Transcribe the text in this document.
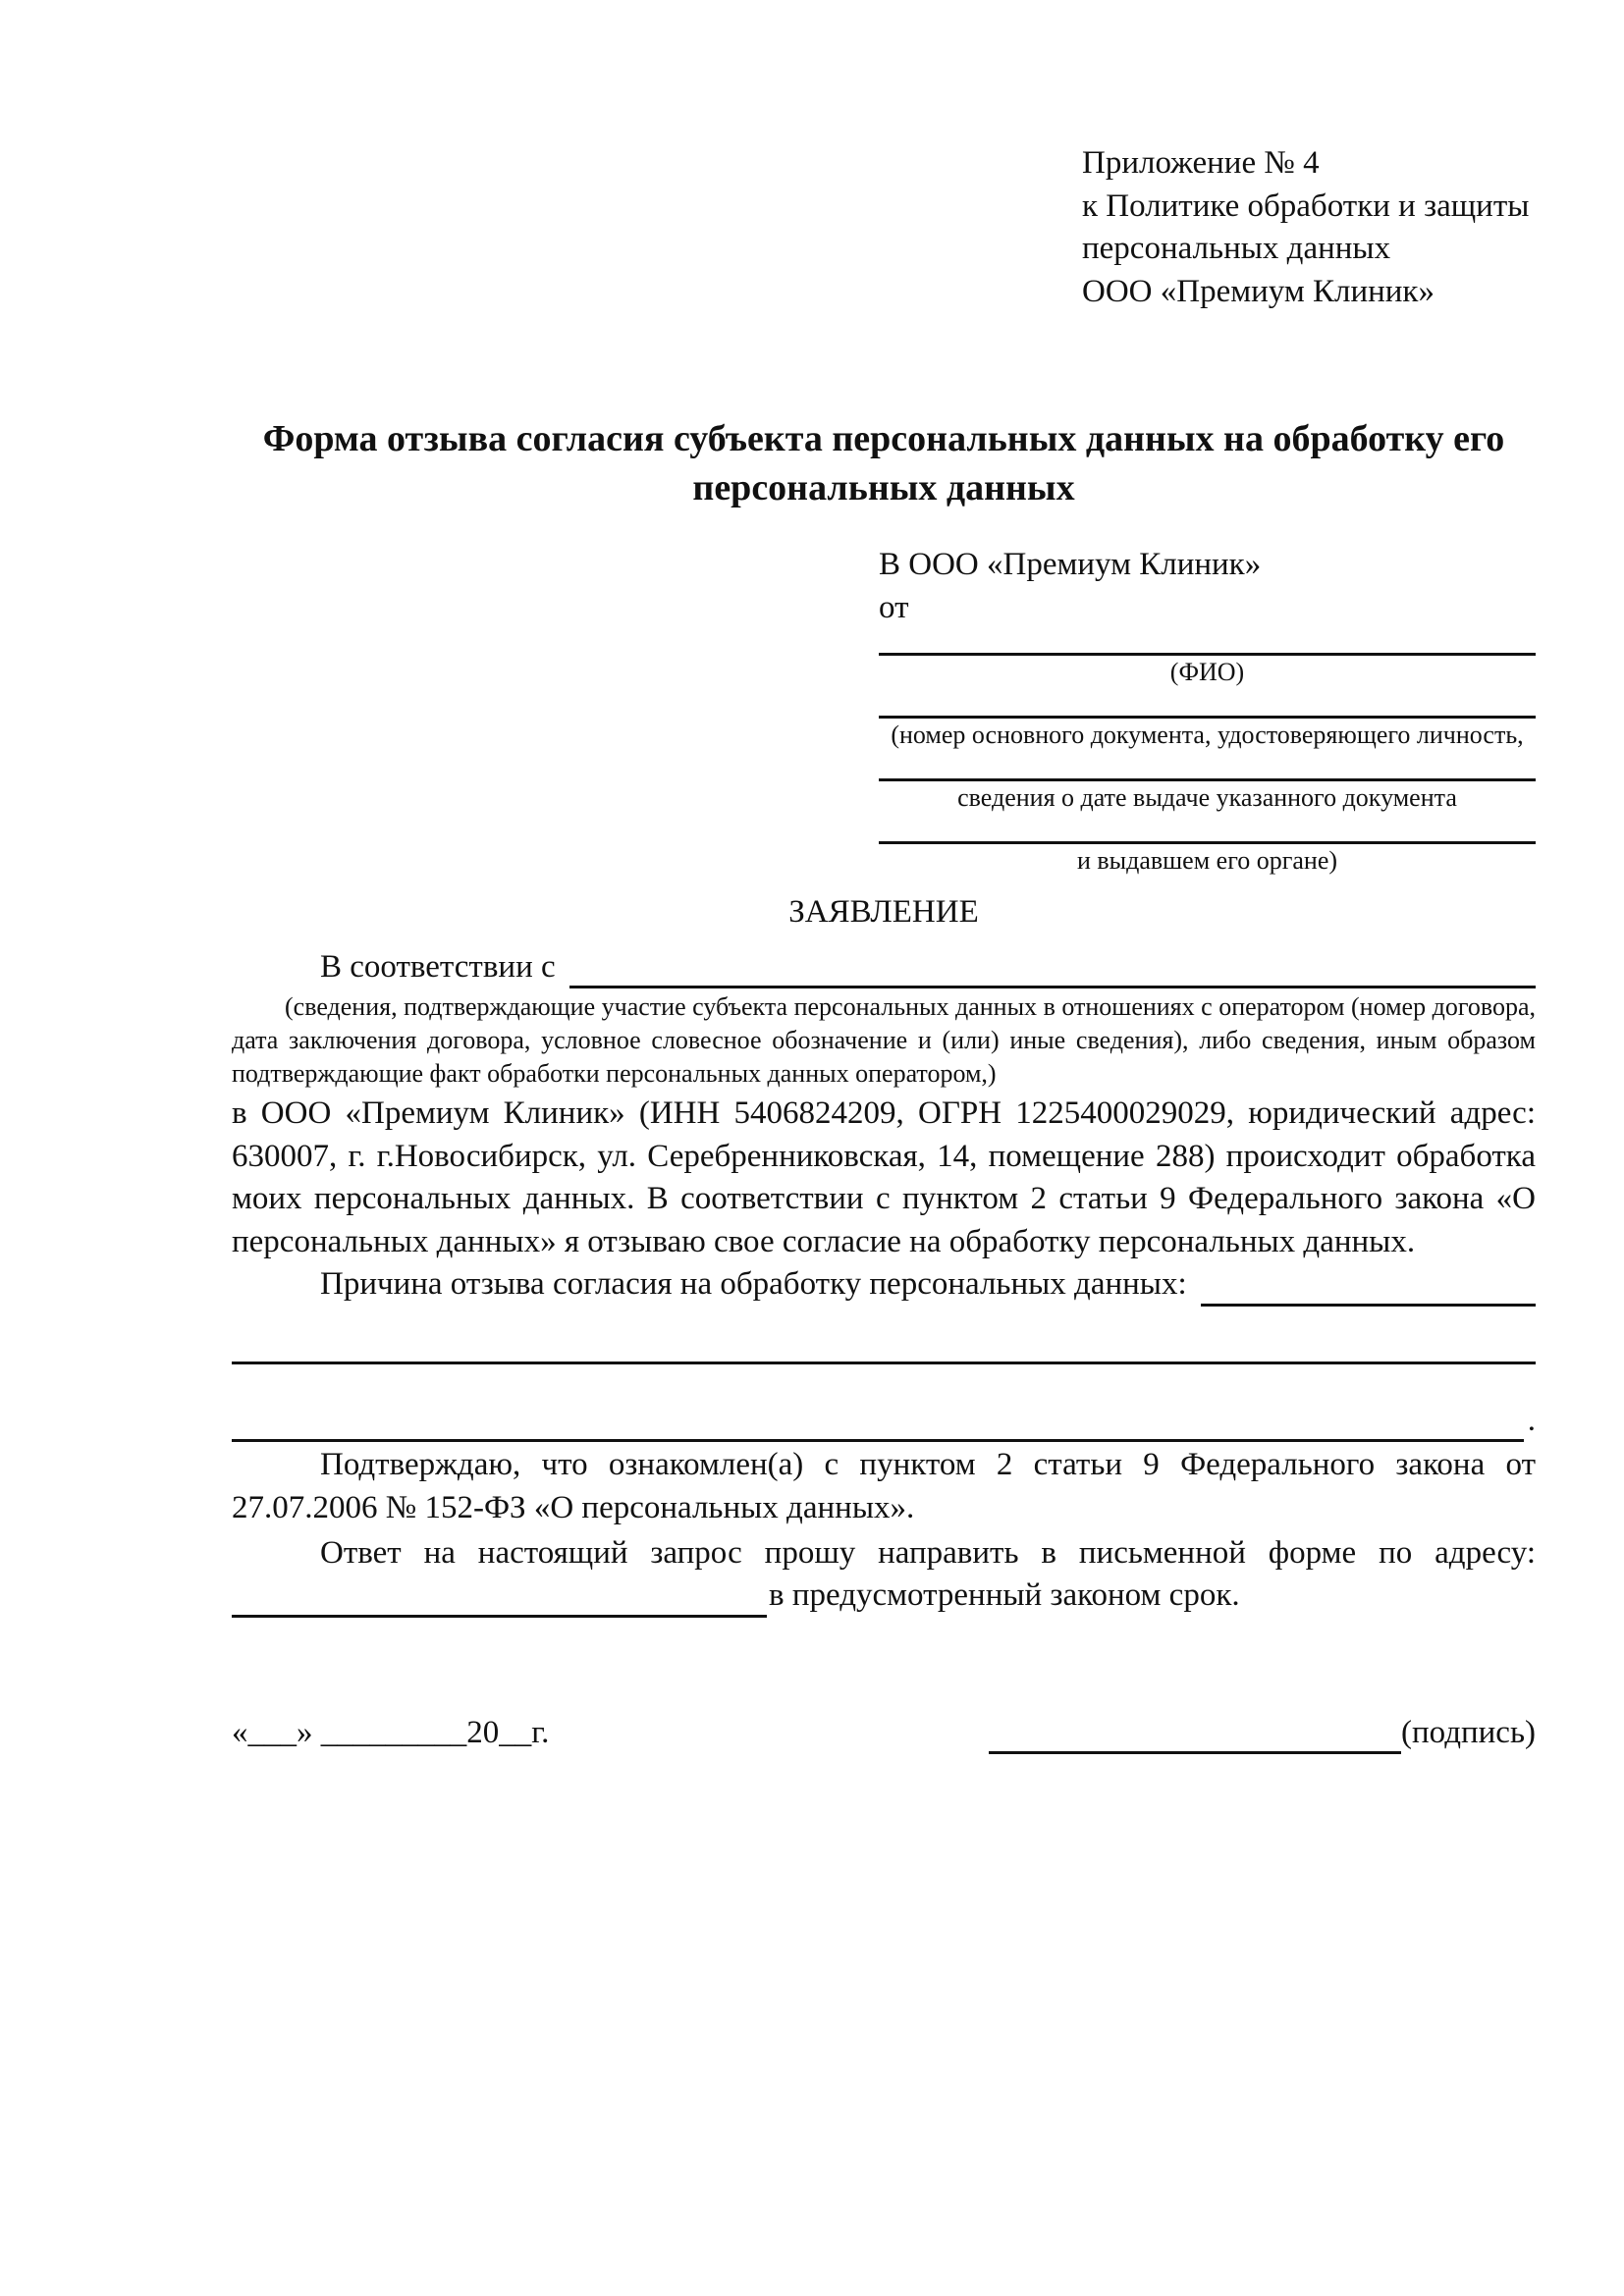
Приложение № 4
к Политике обработки и защиты
персональных данных
ООО «Премиум Клиник»
Форма отзыва согласия субъекта персональных данных на обработку его персональных данных
В ООО «Премиум Клиник»
от
(ФИО)
(номер основного документа, удостоверяющего личность,
сведения о дате выдаче указанного документа
и выдавшем его органе)
ЗАЯВЛЕНИЕ
В соответствии с
(сведения, подтверждающие участие субъекта персональных данных в отношениях с оператором (номер договора, дата заключения договора, условное словесное обозначение и (или) иные сведения), либо сведения, иным образом подтверждающие факт обработки персональных данных оператором,)
в ООО «Премиум Клиник» (ИНН 5406824209, ОГРН 1225400029029, юридический адрес: 630007, г. г.Новосибирск, ул. Серебренниковская, 14, помещение 288) происходит обработка моих персональных данных. В соответствии с пунктом 2 статьи 9 Федерального закона «О персональных данных» я отзываю свое согласие на обработку персональных данных.
Причина отзыва согласия на обработку персональных данных:
.
Подтверждаю, что ознакомлен(а) с пунктом 2 статьи 9 Федерального закона от 27.07.2006 № 152-ФЗ «О персональных данных».
Ответ на настоящий запрос прошу направить в письменной форме по адресу:
в предусмотренный законом срок.
«___» _________20__г.	(подпись)
